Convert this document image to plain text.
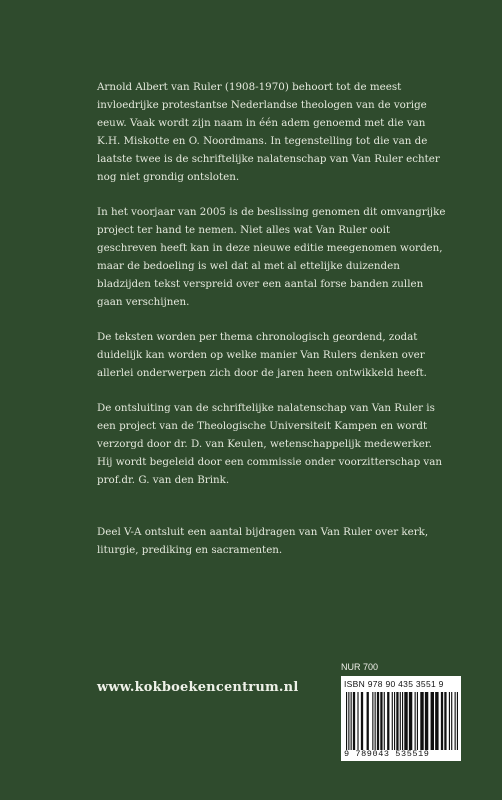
Arnold Albert van Ruler (1908-1970) behoort tot de meest invloedrijke protestantse Nederlandse theologen van de vorige eeuw. Vaak wordt zijn naam in één adem genoemd met die van K.H. Miskotte en O. Noordmans. In tegenstelling tot die van de laatste twee is de schriftelijke nalatenschap van Van Ruler echter nog niet grondig ontsloten.

In het voorjaar van 2005 is de beslissing genomen dit omvangrijke project ter hand te nemen. Niet alles wat Van Ruler ooit geschreven heeft kan in deze nieuwe editie meegenomen worden, maar de bedoeling is wel dat al met al ettelijke duizenden bladzijden tekst verspreid over een aantal forse banden zullen gaan verschijnen.

De teksten worden per thema chronologisch geordend, zodat duidelijk kan worden op welke manier Van Rulers denken over allerlei onderwerpen zich door de jaren heen ontwikkeld heeft.

De ontsluiting van de schriftelijke nalatenschap van Van Ruler is een project van de Theologische Universiteit Kampen en wordt verzorgd door dr. D. van Keulen, wetenschappelijk medewerker. Hij wordt begeleid door een commissie onder voorzitterschap van prof.dr. G. van den Brink.

Deel V-A ontsluit een aantal bijdragen van Van Ruler over kerk, liturgie, prediking en sacramenten.

www.kokboekencentrum.nl
NUR 700
ISBN 978 90 435 3551 9
9 789043 535519
